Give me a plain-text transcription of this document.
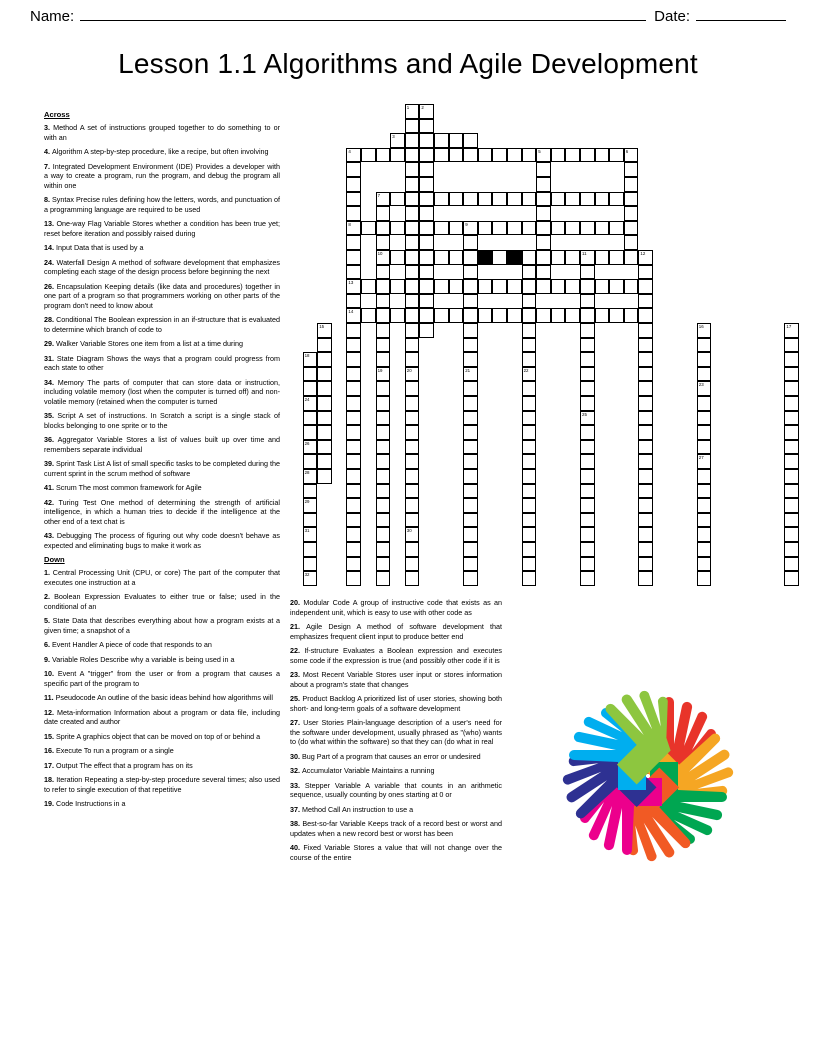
Name:	Date:
Lesson 1.1 Algorithms and Agile Development
Across
3. Method A set of instructions grouped together to do something to or with an
4. Algorithm A step-by-step procedure, like a recipe, but often involving
7. Integrated Development Environment (IDE) Provides a developer with a way to create a program, run the program, and debug the program all within one
8. Syntax Precise rules defining how the letters, words, and punctuation of a programming language are required to be used
13. One-way Flag Variable Stores whether a condition has been true yet; reset before iteration and possibly raised during
14. Input Data that is used by a
24. Waterfall Design A method of software development that emphasizes completing each stage of the design process before beginning the next
26. Encapsulation Keeping details (like data and procedures) together in one part of a program so that programmers working on other parts of the program don't need to know about
28. Conditional The Boolean expression in an if-structure that is evaluated to determine which branch of code to
29. Walker Variable Stores one item from a list at a time during
31. State Diagram Shows the ways that a program could progress from each state to other
34. Memory The parts of computer that can store data or instruction, including volatile memory (lost when the computer is turned off) and non-volatile memory (retained when the computer is turned
35. Script A set of instructions. In Scratch a script is a single stack of blocks belonging to one sprite or to the
36. Aggregator Variable Stores a list of values built up over time and remembers separate individual
39. Sprint Task List A list of small specific tasks to be completed during the current sprint in the scrum method of software
41. Scrum The most common framework for Agile
42. Turing Test One method of determining the strength of artificial intelligence, in which a human tries to decide if the intelligence at the other end of a text chat is
43. Debugging The process of figuring out why code doesn't behave as expected and eliminating bugs to make it work as
Down
1. Central Processing Unit (CPU, or core) The part of the computer that executes one instruction at a
2. Boolean Expression Evaluates to either true or false; used in the conditional of an
5. State Data that describes everything about how a program exists at a given time; a snapshot of a
6. Event Handler A piece of code that responds to an
9. Variable Roles Describe why a variable is being used in a
10. Event A "trigger" from the user or from a program that causes a specific part of the program to
11. Pseudocode An outline of the basic ideas behind how algorithms will
12. Meta-information Information about a program or data file, including date created and author
15. Sprite A graphics object that can be moved on top of or behind a
16. Execute To run a program or a single
17. Output The effect that a program has on its
18. Iteration Repeating a step-by-step procedure several times; also used to refer to single execution of that repetitive
19. Code Instructions in a
20. Modular Code A group of instructive code that exists as an independent unit, which is easy to use with other code as
21. Agile Design A method of software development that emphasizes frequent client input to produce better end
22. If-structure Evaluates a Boolean expression and executes some code if the expression is true (and possibly other code if it is
23. Most Recent Variable Stores user input or stores information about a program's state that changes
25. Product Backlog A prioritized list of user stories, showing both short- and long-term goals of a software development
27. User Stories Plain-language description of a user's need for the software under development, usually phrased as "(who) wants to (do what within the software) so that they can (do what in real
30. Bug Part of a program that causes an error or undesired
32. Accumulator Variable Maintains a running
33. Stepper Variable A variable that counts in an arithmetic sequence, usually counting by ones starting at 0 or
37. Method Call An instruction to use a
38. Best-so-far Variable Keeps track of a record best or worst and updates when a new record best or worst has been
40. Fixed Variable Stores a value that will not change over the course of the entire
1	2
3
4	5	6
7
8	9
10	11	12
13
14
15	16	17
18
19	20	21	22
23
24
25
26
27
28
29
31	30
32
